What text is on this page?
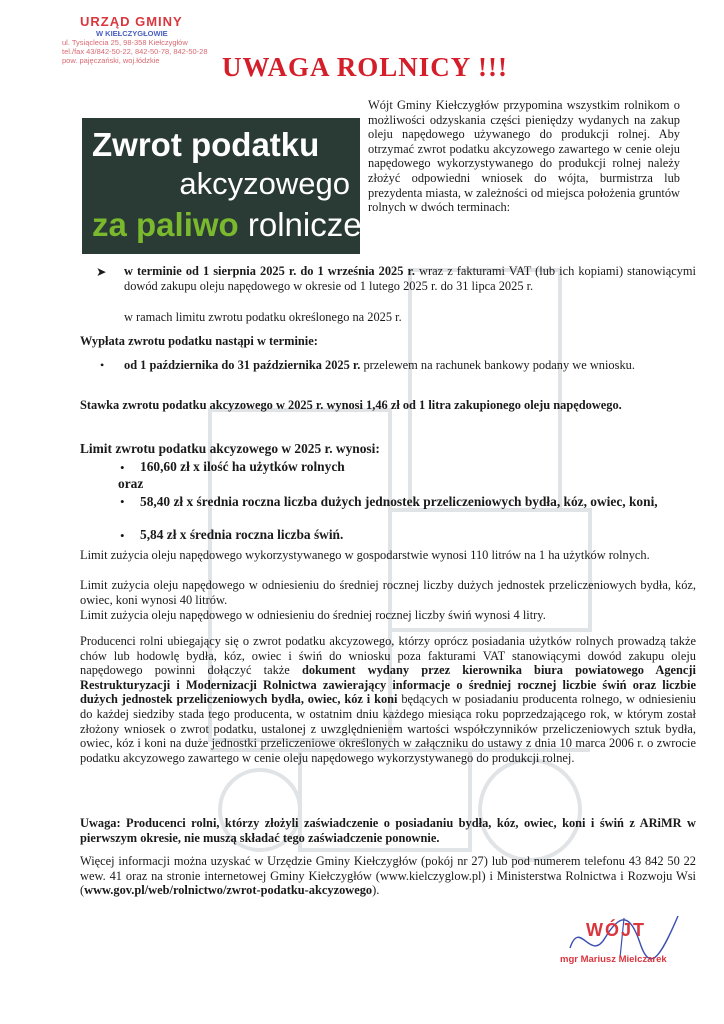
URZĄD GMINY
W KIEŁCZYGŁOWIE
ul. Tysiąclecia 25, 98-358 Kiełczygłów
tel./fax 43/842-50-22, 842-50-78, 842-50-28
pow. pajęczański, woj.łódzkie	UWAGA ROLNICY !!!
Zwrot podatku
akcyzowego
za paliwo rolnicze
Wójt Gminy Kiełczygłów przypomina wszystkim rolnikom o możliwości odzyskania części pieniędzy wydanych na zakup oleju napędowego używanego do produkcji rolnej. Aby otrzymać zwrot podatku akcyzowego zawartego w cenie oleju napędowego wykorzystywanego do produkcji rolnej należy złożyć odpowiedni wniosek do wójta, burmistrza lub prezydenta miasta, w zależności od miejsca położenia gruntów rolnych w dwóch terminach:
➤ w terminie od 1 sierpnia 2025 r. do 1 września 2025 r. wraz z fakturami VAT (lub ich kopiami) stanowiącymi dowód zakupu oleju napędowego w okresie od 1 lutego 2025 r. do 31 lipca 2025 r.
w ramach limitu zwrotu podatku określonego na 2025 r.
Wypłata zwrotu podatku nastąpi w terminie:
• od 1 października do 31 października 2025 r. przelewem na rachunek bankowy podany we wniosku.
Stawka zwrotu podatku akcyzowego w 2025 r. wynosi 1,46 zł od 1 litra zakupionego oleju napędowego.
Limit zwrotu podatku akcyzowego w 2025 r. wynosi:
• 160,60 zł x ilość ha użytków rolnych
oraz
• 58,40 zł x średnia roczna liczba dużych jednostek przeliczeniowych bydła, kóz, owiec, koni,
• 5,84 zł x średnia roczna liczba świń.
Limit zużycia oleju napędowego wykorzystywanego w gospodarstwie wynosi 110 litrów na 1 ha użytków rolnych.
Limit zużycia oleju napędowego w odniesieniu do średniej rocznej liczby dużych jednostek przeliczeniowych bydła, kóz, owiec, koni wynosi 40 litrów.
Limit zużycia oleju napędowego w odniesieniu do średniej rocznej liczby świń wynosi 4 litry.
Producenci rolni ubiegający się o zwrot podatku akcyzowego, którzy oprócz posiadania użytków rolnych prowadzą także chów lub hodowlę bydła, kóz, owiec i świń do wniosku poza fakturami VAT stanowiącymi dowód zakupu oleju napędowego powinni dołączyć także dokument wydany przez kierownika biura powiatowego Agencji Restrukturyzacji i Modernizacji Rolnictwa zawierający informacje o średniej rocznej liczbie świń oraz liczbie dużych jednostek przeliczeniowych bydła, owiec, kóz i koni będących w posiadaniu producenta rolnego, w odniesieniu do każdej siedziby stada tego producenta, w ostatnim dniu każdego miesiąca roku poprzedzającego rok, w którym został złożony wniosek o zwrot podatku, ustalonej z uwzględnieniem wartości współczynników przeliczeniowych sztuk bydła, owiec, kóz i koni na duże jednostki przeliczeniowe określonych w załączniku do ustawy z dnia 10 marca 2006 r. o zwrocie podatku akcyzowego zawartego w cenie oleju napędowego wykorzystywanego do produkcji rolnej.
Uwaga: Producenci rolni, którzy złożyli zaświadczenie o posiadaniu bydła, kóz, owiec, koni i świń z ARiMR w pierwszym okresie, nie muszą składać tego zaświadczenie ponownie.
Więcej informacji można uzyskać w Urzędzie Gminy Kiełczygłów (pokój nr 27) lub pod numerem telefonu 43 842 50 22 wew. 41 oraz na stronie internetowej Gminy Kiełczygłów (www.kielczyglow.pl) i Ministerstwa Rolnictwa i Rozwoju Wsi (www.gov.pl/web/rolnictwo/zwrot-podatku-akcyzowego).
WÓJT
mgr Mariusz Mielczarek
